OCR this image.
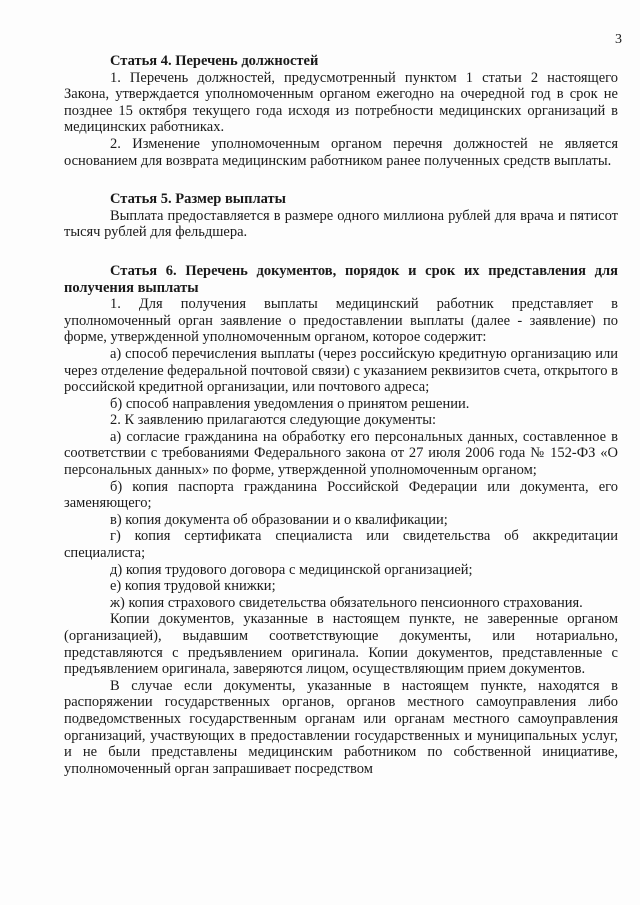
3

Статья 4. Перечень должностей

1. Перечень должностей, предусмотренный пунктом 1 статьи 2 настоящего Закона, утверждается уполномоченным органом ежегодно на очередной год в срок не позднее 15 октября текущего года исходя из потребности медицинских организаций в медицинских работниках.

2. Изменение уполномоченным органом перечня должностей не является основанием для возврата медицинским работником ранее полученных средств выплаты.

Статья 5. Размер выплаты

Выплата предоставляется в размере одного миллиона рублей для врача и пятисот тысяч рублей для фельдшера.

Статья 6. Перечень документов, порядок и срок их представления для получения выплаты

1. Для получения выплаты медицинский работник представляет в уполномоченный орган заявление о предоставлении выплаты (далее - заявление) по форме, утвержденной уполномоченным органом, которое содержит:

а) способ перечисления выплаты (через российскую кредитную организацию или через отделение федеральной почтовой связи) с указанием реквизитов счета, открытого в российской кредитной организации, или почтового адреса;

б) способ направления уведомления о принятом решении.

2. К заявлению прилагаются следующие документы:

а) согласие гражданина на обработку его персональных данных, составленное в соответствии с требованиями Федерального закона от 27 июля 2006 года № 152-ФЗ «О персональных данных» по форме, утвержденной уполномоченным органом;

б) копия паспорта гражданина Российской Федерации или документа, его заменяющего;

в) копия документа об образовании и о квалификации;

г) копия сертификата специалиста или свидетельства об аккредитации специалиста;

д) копия трудового договора с медицинской организацией;

е) копия трудовой книжки;

ж) копия страхового свидетельства обязательного пенсионного страхования.

Копии документов, указанные в настоящем пункте, не заверенные органом (организацией), выдавшим соответствующие документы, или нотариально, представляются с предъявлением оригинала. Копии документов, представленные с предъявлением оригинала, заверяются лицом, осуществляющим прием документов.

В случае если документы, указанные в настоящем пункте, находятся в распоряжении государственных органов, органов местного самоуправления либо подведомственных государственным органам или органам местного самоуправления организаций, участвующих в предоставлении государственных и муниципальных услуг, и не были представлены медицинским работником по собственной инициативе, уполномоченный орган запрашивает посредством
